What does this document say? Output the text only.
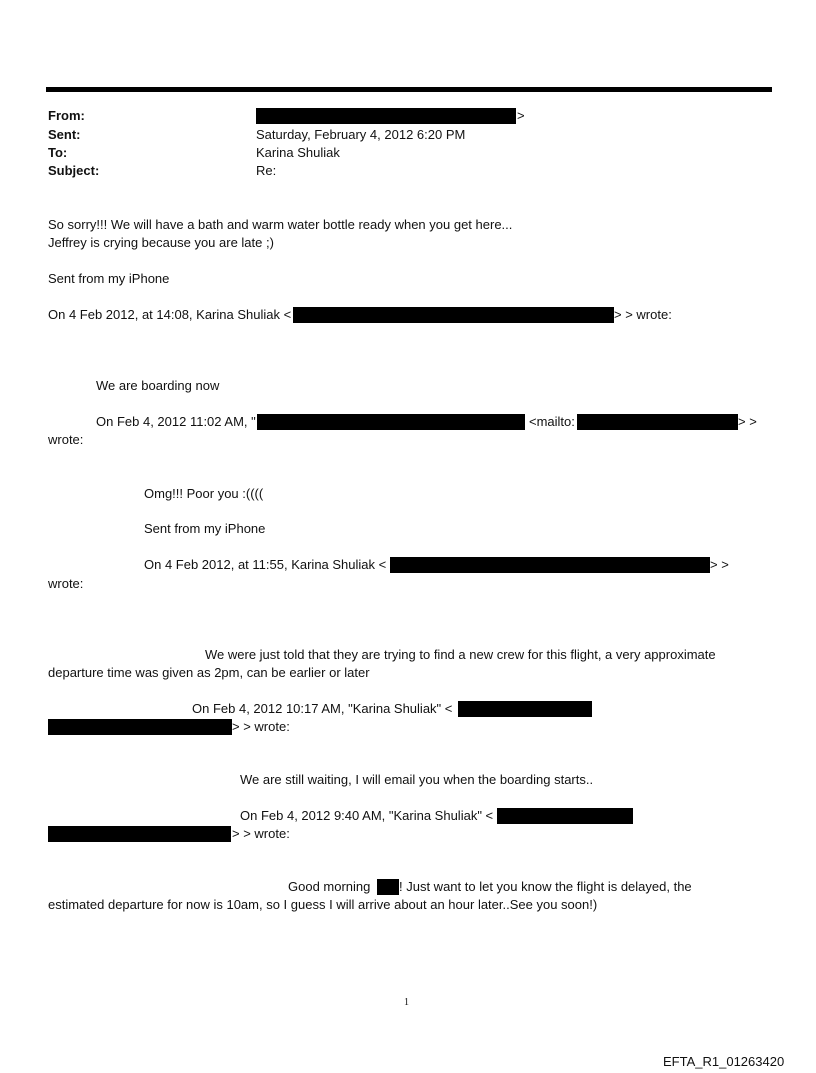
From:	>
Sent:	Saturday, February 4, 2012 6:20 PM
To:	Karina Shuliak
Subject:	Re:
So sorry!!! We will have a bath and warm water bottle ready when you get here...
Jeffrey is crying because you are late ;)
Sent from my iPhone
On 4 Feb 2012, at 14:08, Karina Shuliak <	> > wrote:
We are boarding now
On Feb 4, 2012 11:02 AM, "	<mailto:	> >
wrote:
Omg!!! Poor you :((((
Sent from my iPhone
On 4 Feb 2012, at 11:55, Karina Shuliak <	> >
wrote:
We were just told that they are trying to find a new crew for this flight, a very approximate
departure time was given as 2pm, can be earlier or later
On Feb 4, 2012 10:17 AM, "Karina Shuliak" <
> > wrote:
We are still waiting, I will email you when the boarding starts..
On Feb 4, 2012 9:40 AM, "Karina Shuliak" <
> > wrote:
Good morning ! Just want to let you know the flight is delayed, the
estimated departure for now is 10am, so I guess I will arrive about an hour later..See you soon!)
1
EFTA_R1_01263420
